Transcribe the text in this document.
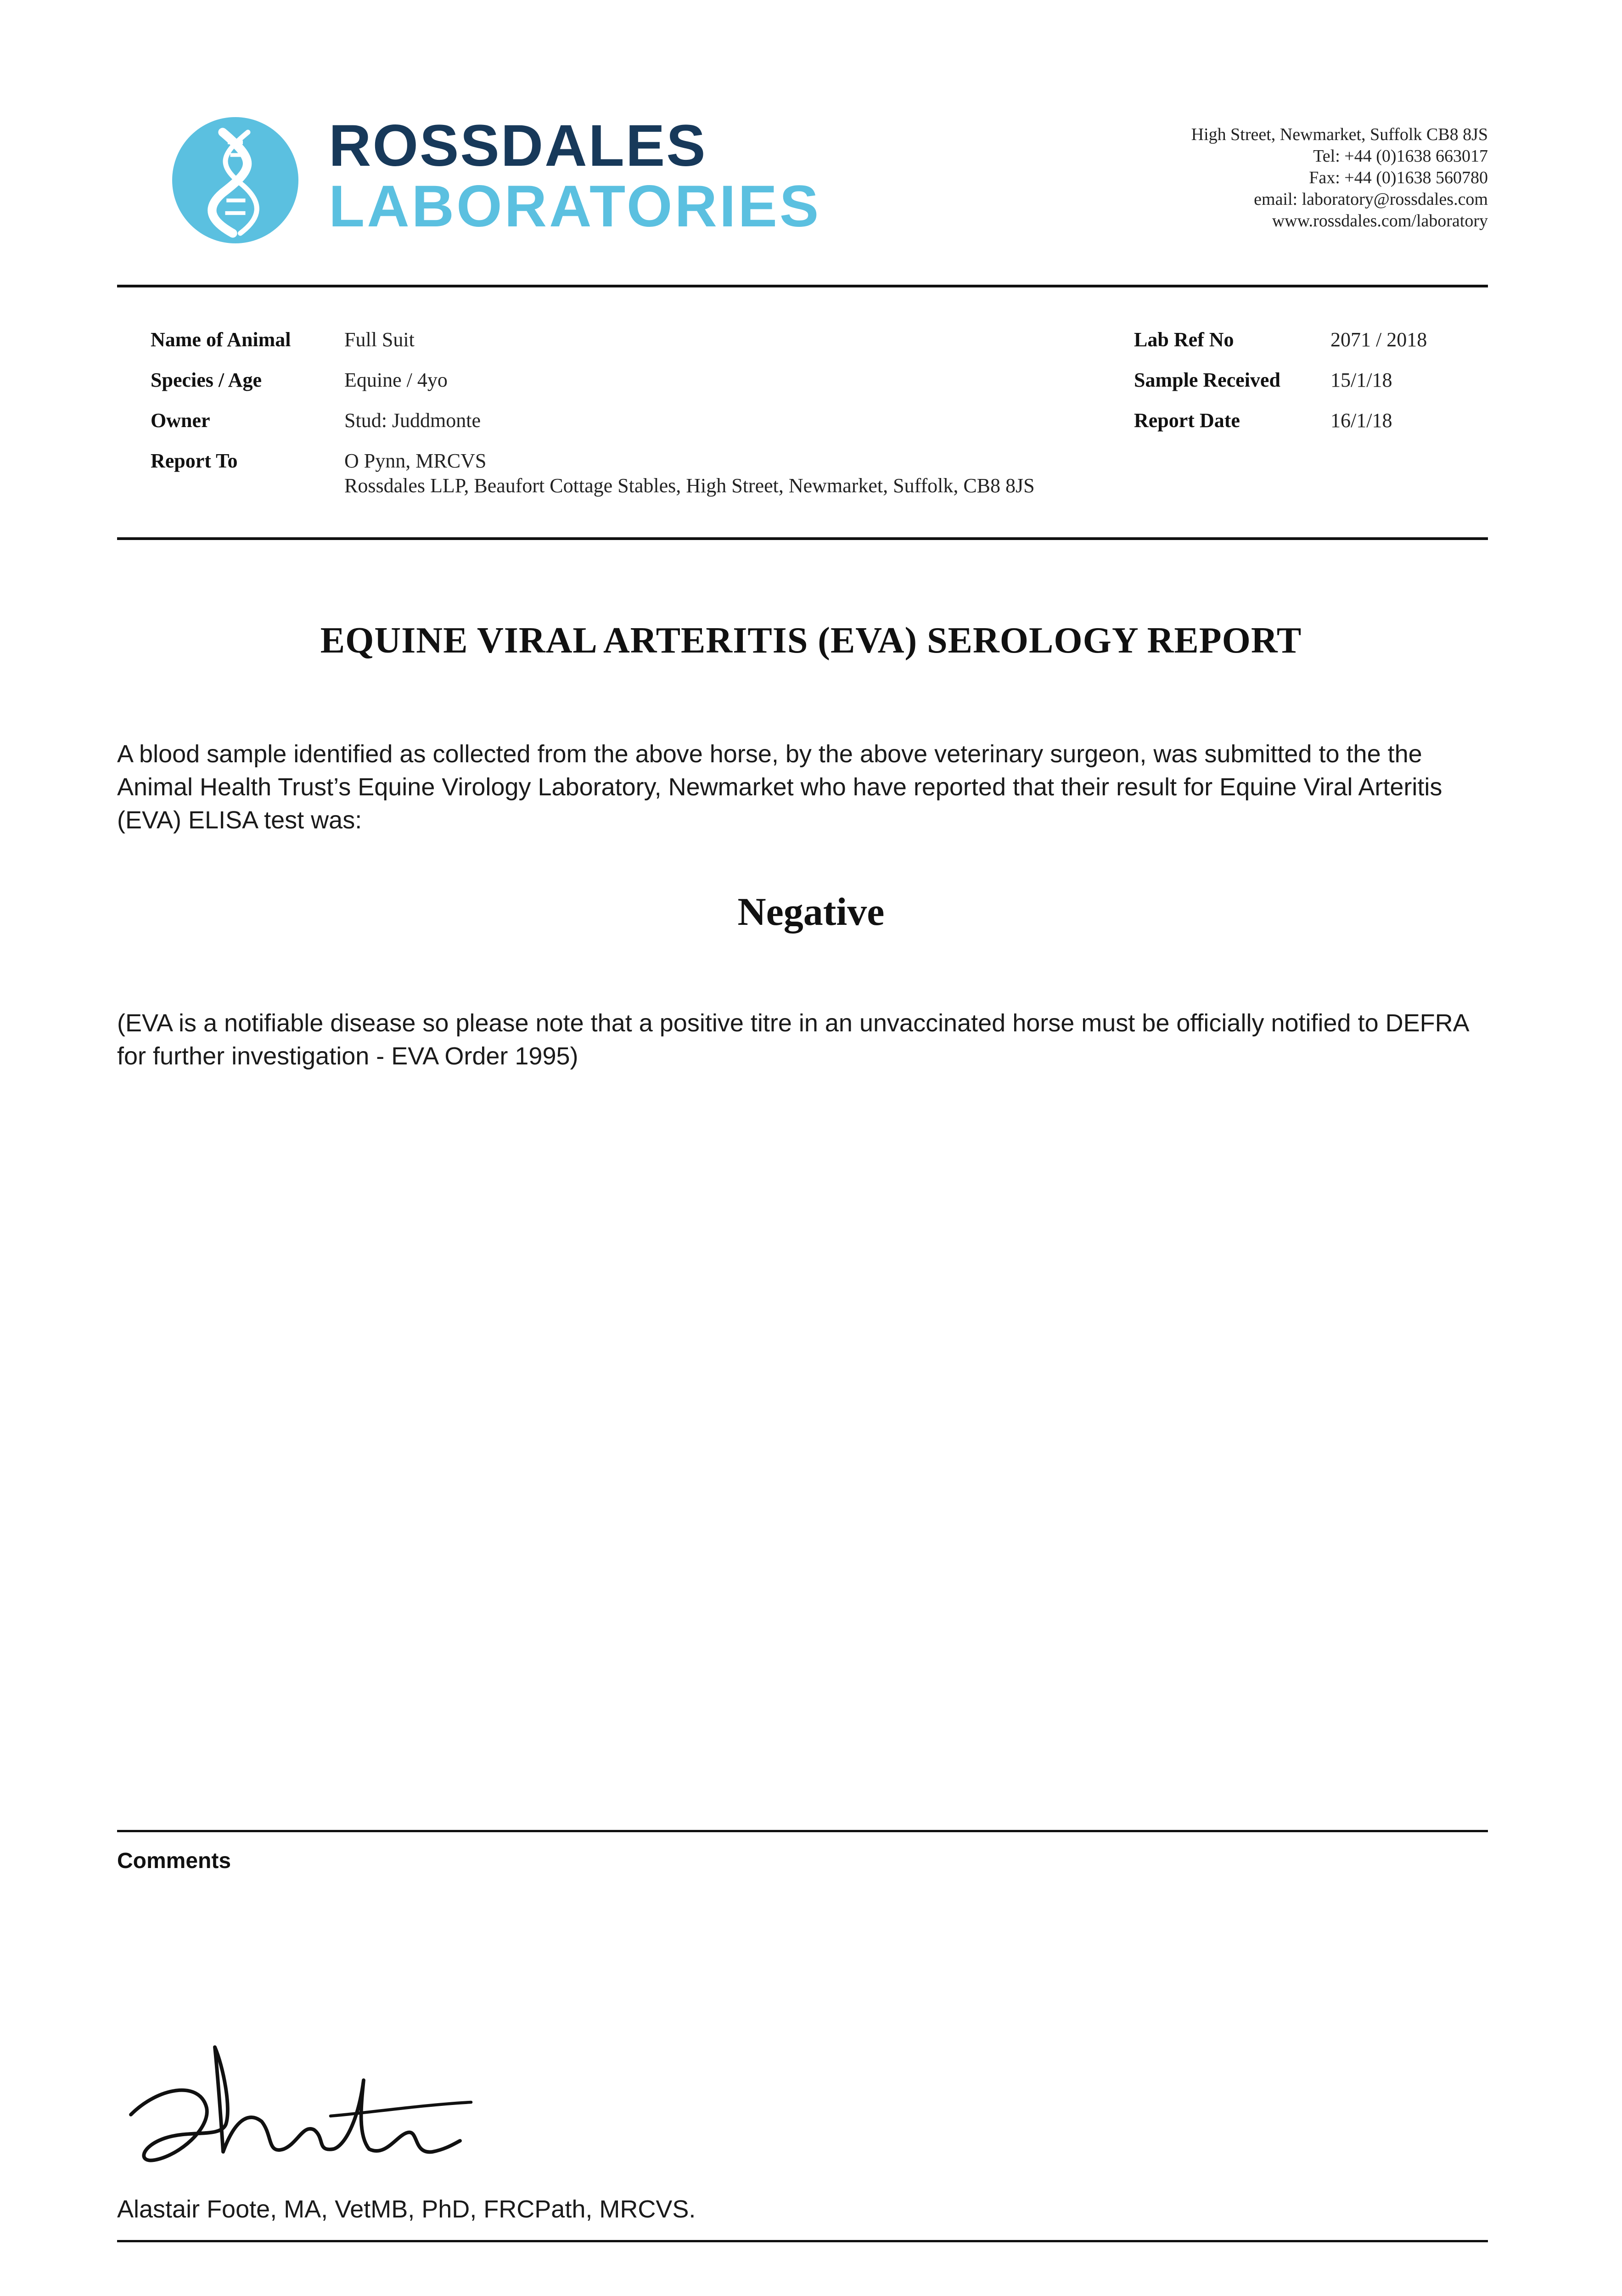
ROSSDALES
LABORATORIES
High Street, Newmarket, Suffolk CB8 8JS
Tel: +44 (0)1638 663017
Fax: +44 (0)1638 560780
email: laboratory@rossdales.com
www.rossdales.com/laboratory
Name of Animal	Full Suit
Species / Age	Equine / 4yo
Owner	Stud: Juddmonte
Report To	O Pynn, MRCVS
Rossdales LLP, Beaufort Cottage Stables, High Street, Newmarket, Suffolk, CB8 8JS
Lab Ref No	2071 / 2018
Sample Received 15/1/18
Report Date	16/1/18
EQUINE VIRAL ARTERITIS (EVA) SEROLOGY REPORT

A blood sample identified as collected from the above horse, by the above veterinary surgeon, was submitted to the the Animal Health Trust’s Equine Virology Laboratory, Newmarket who have reported that their result for Equine Viral Arteritis (EVA) ELISA test was:

Negative

(EVA is a notifiable disease so please note that a positive titre in an unvaccinated horse must be officially notified to DEFRA for further investigation - EVA Order 1995)

Comments
Alastair Foote, MA, VetMB, PhD, FRCPath, MRCVS.
